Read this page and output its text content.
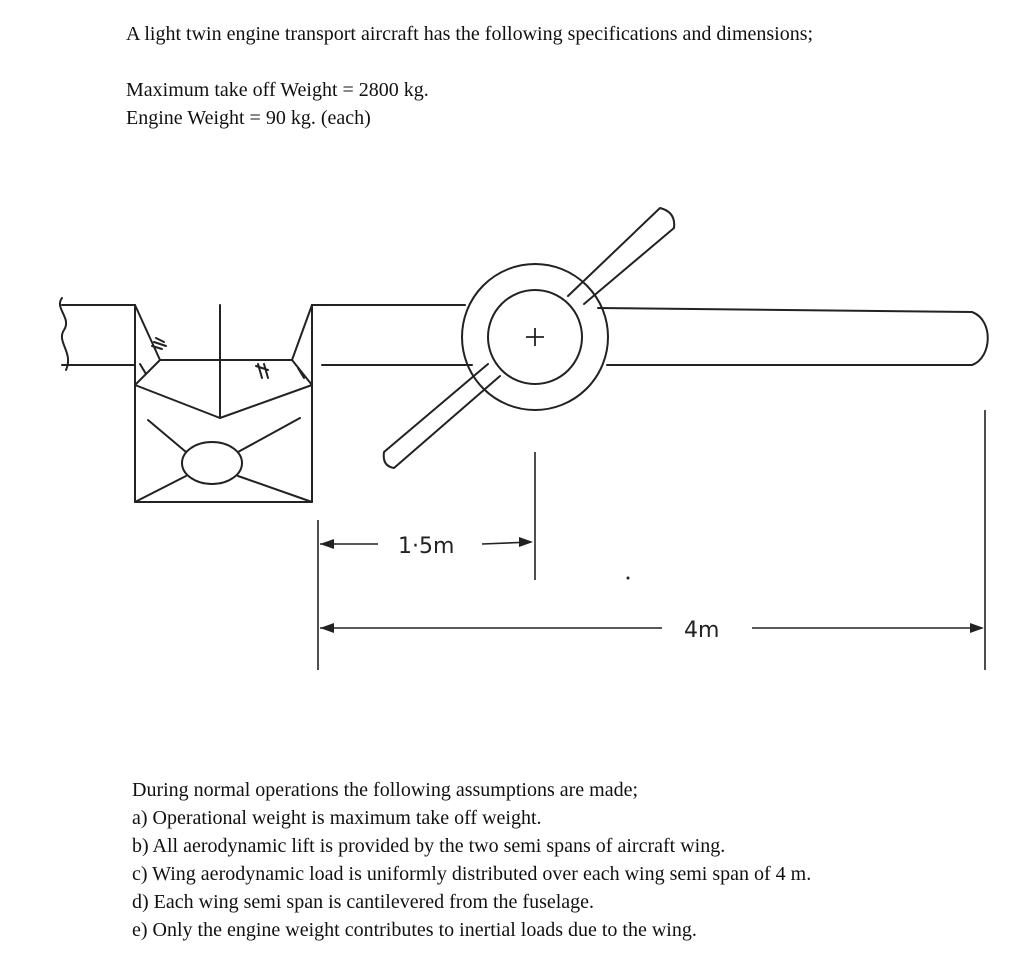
A light twin engine transport aircraft has the following specifications and dimensions;
Maximum take off Weight = 2800 kg.
Engine Weight = 90 kg. (each)
1·5m
4m
During normal operations the following assumptions are made;
a) Operational weight is maximum take off weight.
b) All aerodynamic lift is provided by the two semi spans of aircraft wing.
c) Wing aerodynamic load is uniformly distributed over each wing semi span of 4 m.
d) Each wing semi span is cantilevered from the fuselage.
e) Only the engine weight contributes to inertial loads due to the wing.
